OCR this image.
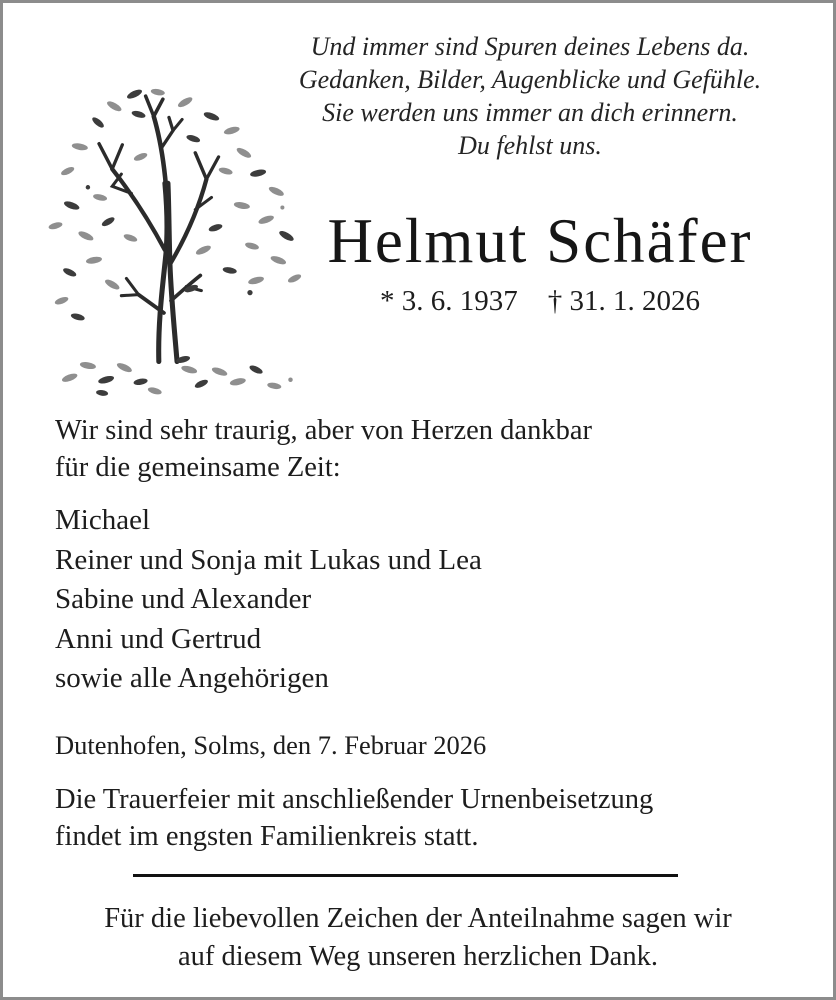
Und immer sind Spuren deines Lebens da.
Gedanken, Bilder, Augenblicke und Gefühle.
Sie werden uns immer an dich erinnern.
Du fehlst uns.
Helmut Schäfer
* 3. 6. 1937 † 31. 1. 2026
Wir sind sehr traurig, aber von Herzen dankbar
für die gemeinsame Zeit:
Michael
Reiner und Sonja mit Lukas und Lea
Sabine und Alexander
Anni und Gertrud
sowie alle Angehörigen
Dutenhofen, Solms, den 7. Februar 2026
Die Trauerfeier mit anschließender Urnenbeisetzung
findet im engsten Familienkreis statt.
Für die liebevollen Zeichen der Anteilnahme sagen wir
auf diesem Weg unseren herzlichen Dank.
